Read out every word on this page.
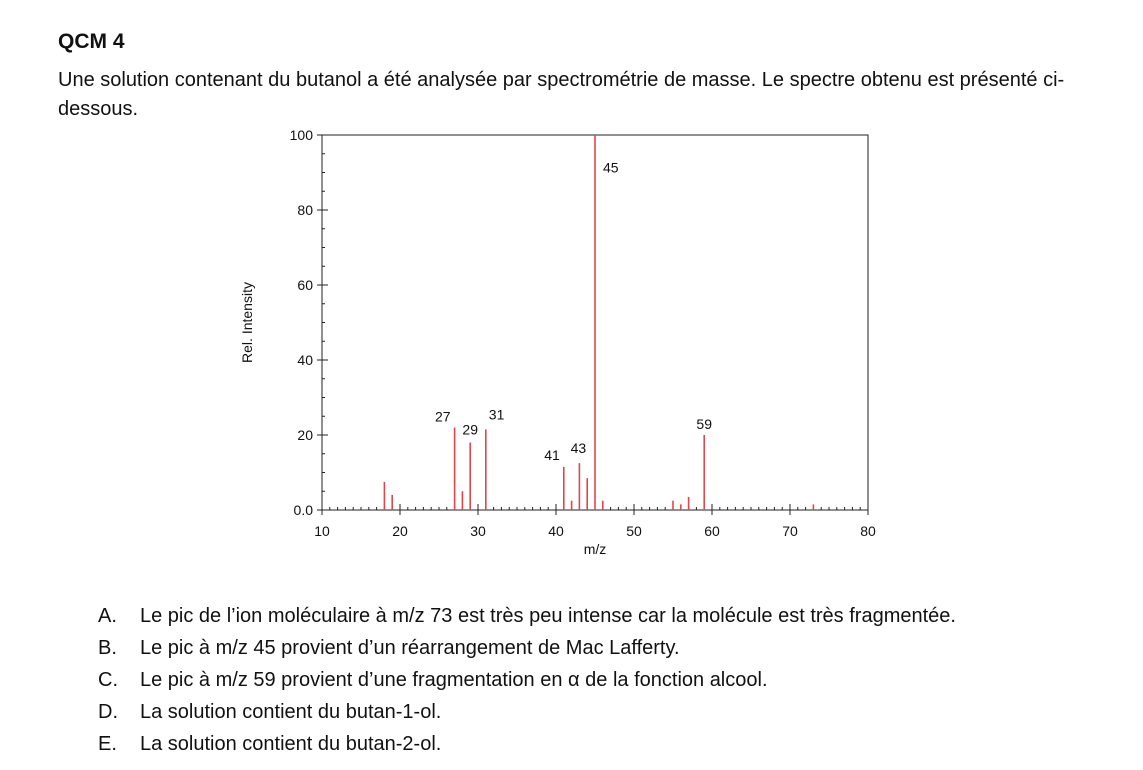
QCM 4
Une solution contenant du butanol a été analysée par spectrométrie de masse. Le spectre obtenu est présenté ci-dessous.
10	20	30	40	50	60	70	80
0.0
20
40
60
80
100
m/z
Rel. Intensity
27
29
31
41 43
45
59
A. Le pic de l’ion moléculaire à m/z 73 est très peu intense car la molécule est très fragmentée.
B. Le pic à m/z 45 provient d’un réarrangement de Mac Lafferty.
C. Le pic à m/z 59 provient d’une fragmentation en α de la fonction alcool.
D. La solution contient du butan-1-ol.
E. La solution contient du butan-2-ol.
